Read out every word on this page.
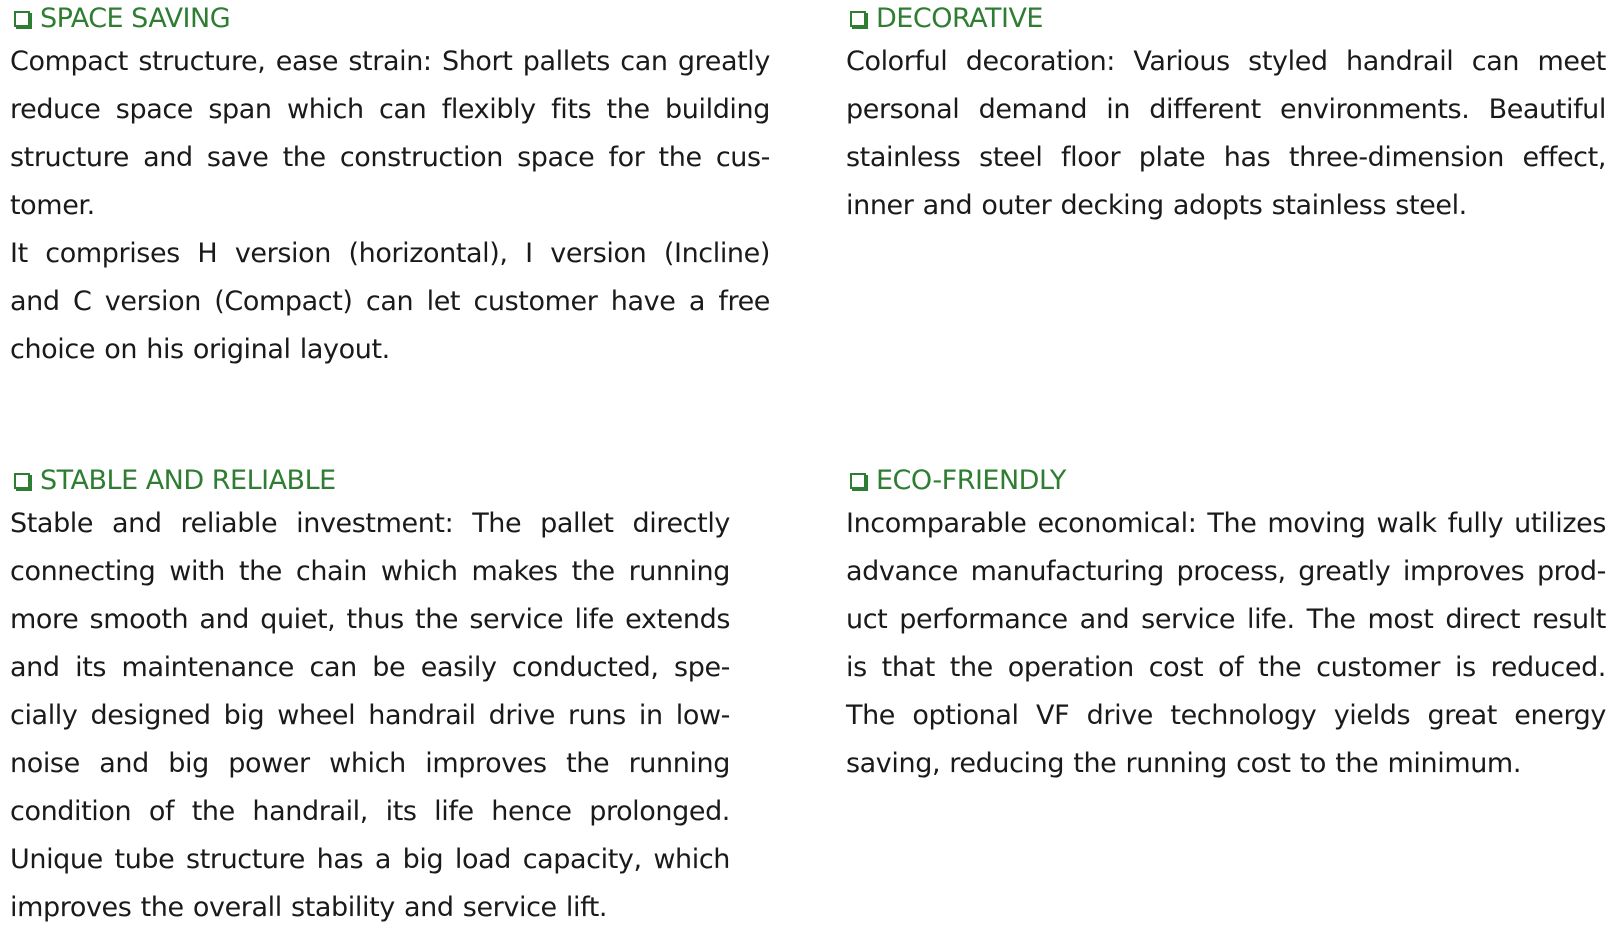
SPACE SAVING

Compact structure, ease strain: Short pallets can greatly reduce space span which can flexibly fits the building structure and save the construction space for the cus-tomer.

It comprises H version (horizontal), I version (Incline) and C version (Compact) can let customer have a free choice on his original layout.

DECORATIVE

Colorful decoration: Various styled handrail can meet personal demand in different environments. Beautiful stainless steel floor plate has three-dimension effect, inner and outer decking adopts stainless steel.

STABLE AND RELIABLE

Stable and reliable investment: The pallet directly connecting with the chain which makes the running more smooth and quiet, thus the service life extends and its maintenance can be easily conducted, spe-cially designed big wheel handrail drive runs in low-noise and big power which improves the running condition of the handrail, its life hence prolonged. Unique tube structure has a big load capacity, which improves the overall stability and service lift.

ECO-FRIENDLY

Incomparable economical: The moving walk fully utilizes advance manufacturing process, greatly improves prod-uct performance and service life. The most direct result is that the operation cost of the customer is reduced. The optional VF drive technology yields great energy saving, reducing the running cost to the minimum.
